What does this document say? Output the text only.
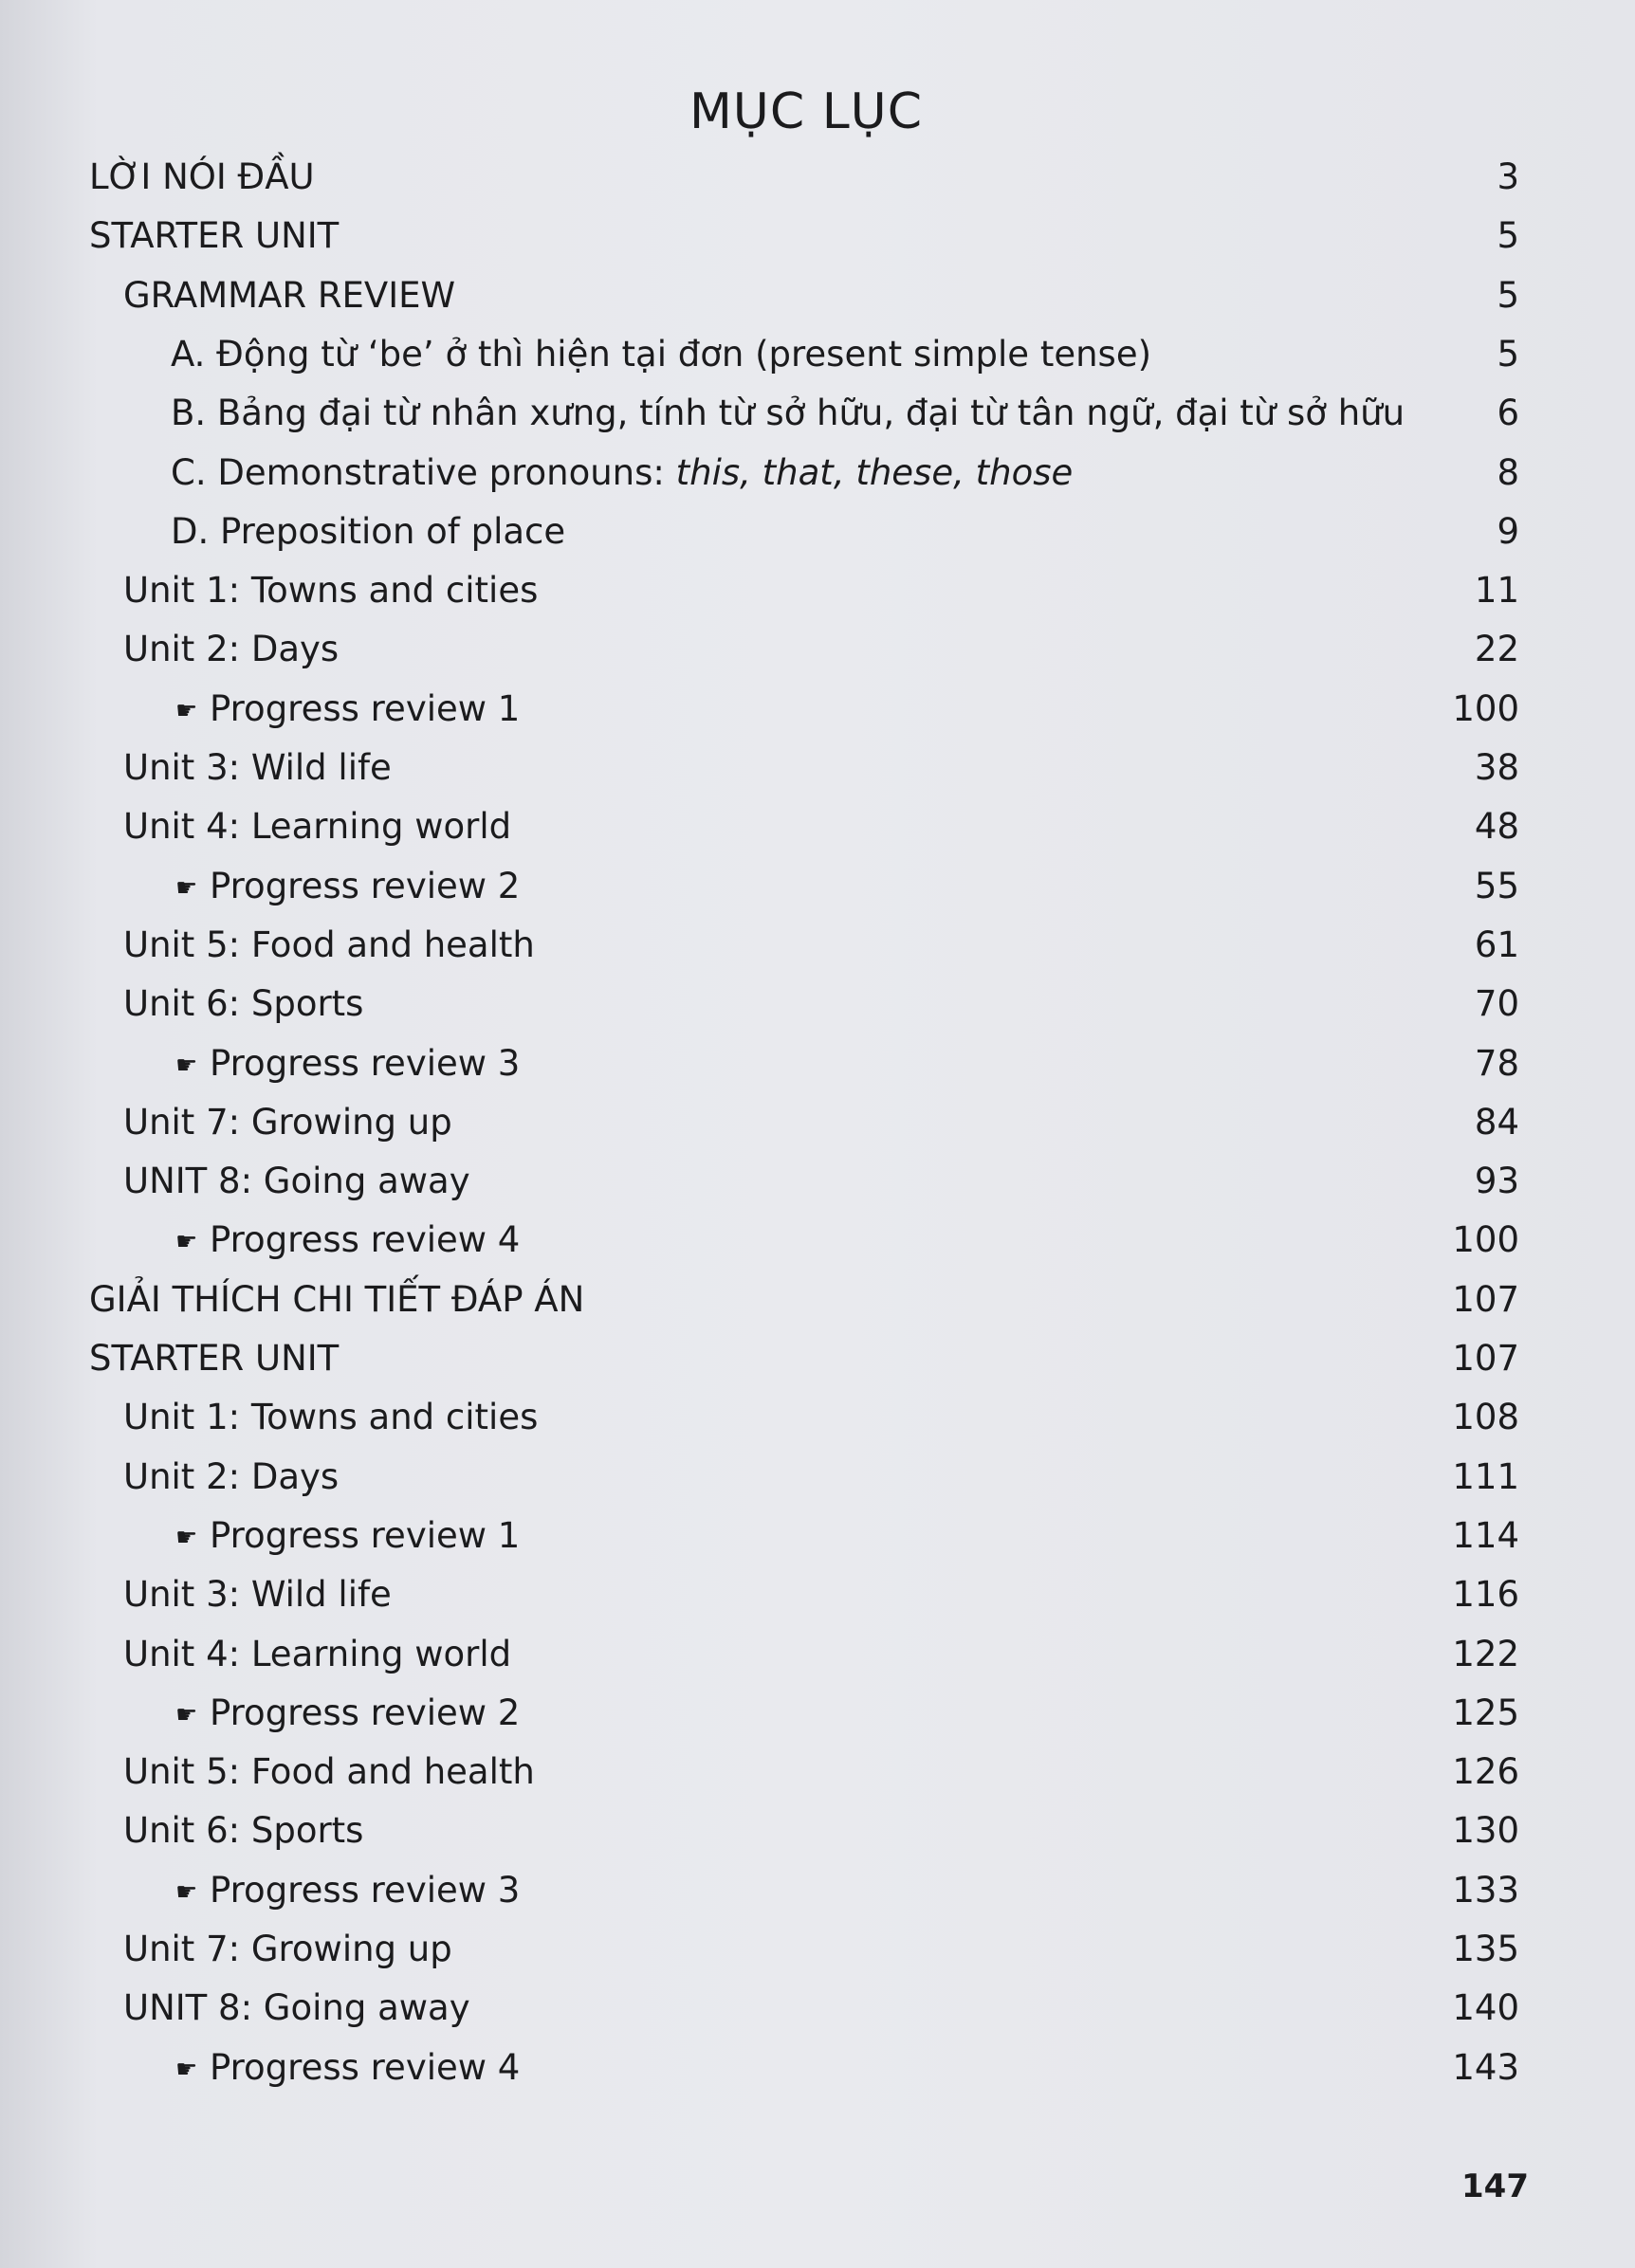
MỤC LỤC
LỜI NÓI ĐẦU	3
STARTER UNIT	5
GRAMMAR REVIEW	5
A. Động từ ‘be’ ở thì hiện tại đơn (present simple tense)	5
B. Bảng đại từ nhân xưng, tính từ sở hữu, đại từ tân ngữ, đại từ sở hữu	6
C. Demonstrative pronouns: this, that, these, those	8
D. Preposition of place	9
Unit 1: Towns and cities	11
Unit 2: Days	22
☛ Progress review 1	100
Unit 3: Wild life	38
Unit 4: Learning world	48
☛ Progress review 2	55
Unit 5: Food and health	61
Unit 6: Sports	70
☛ Progress review 3	78
Unit 7: Growing up	84
UNIT 8: Going away	93
☛ Progress review 4	100
GIẢI THÍCH CHI TIẾT ĐÁP ÁN	107
STARTER UNIT	107
Unit 1: Towns and cities	108
Unit 2: Days	111
☛ Progress review 1	114
Unit 3: Wild life	116
Unit 4: Learning world	122
☛ Progress review 2	125
Unit 5: Food and health	126
Unit 6: Sports	130
☛ Progress review 3	133
Unit 7: Growing up	135
UNIT 8: Going away	140
☛ Progress review 4	143
147
